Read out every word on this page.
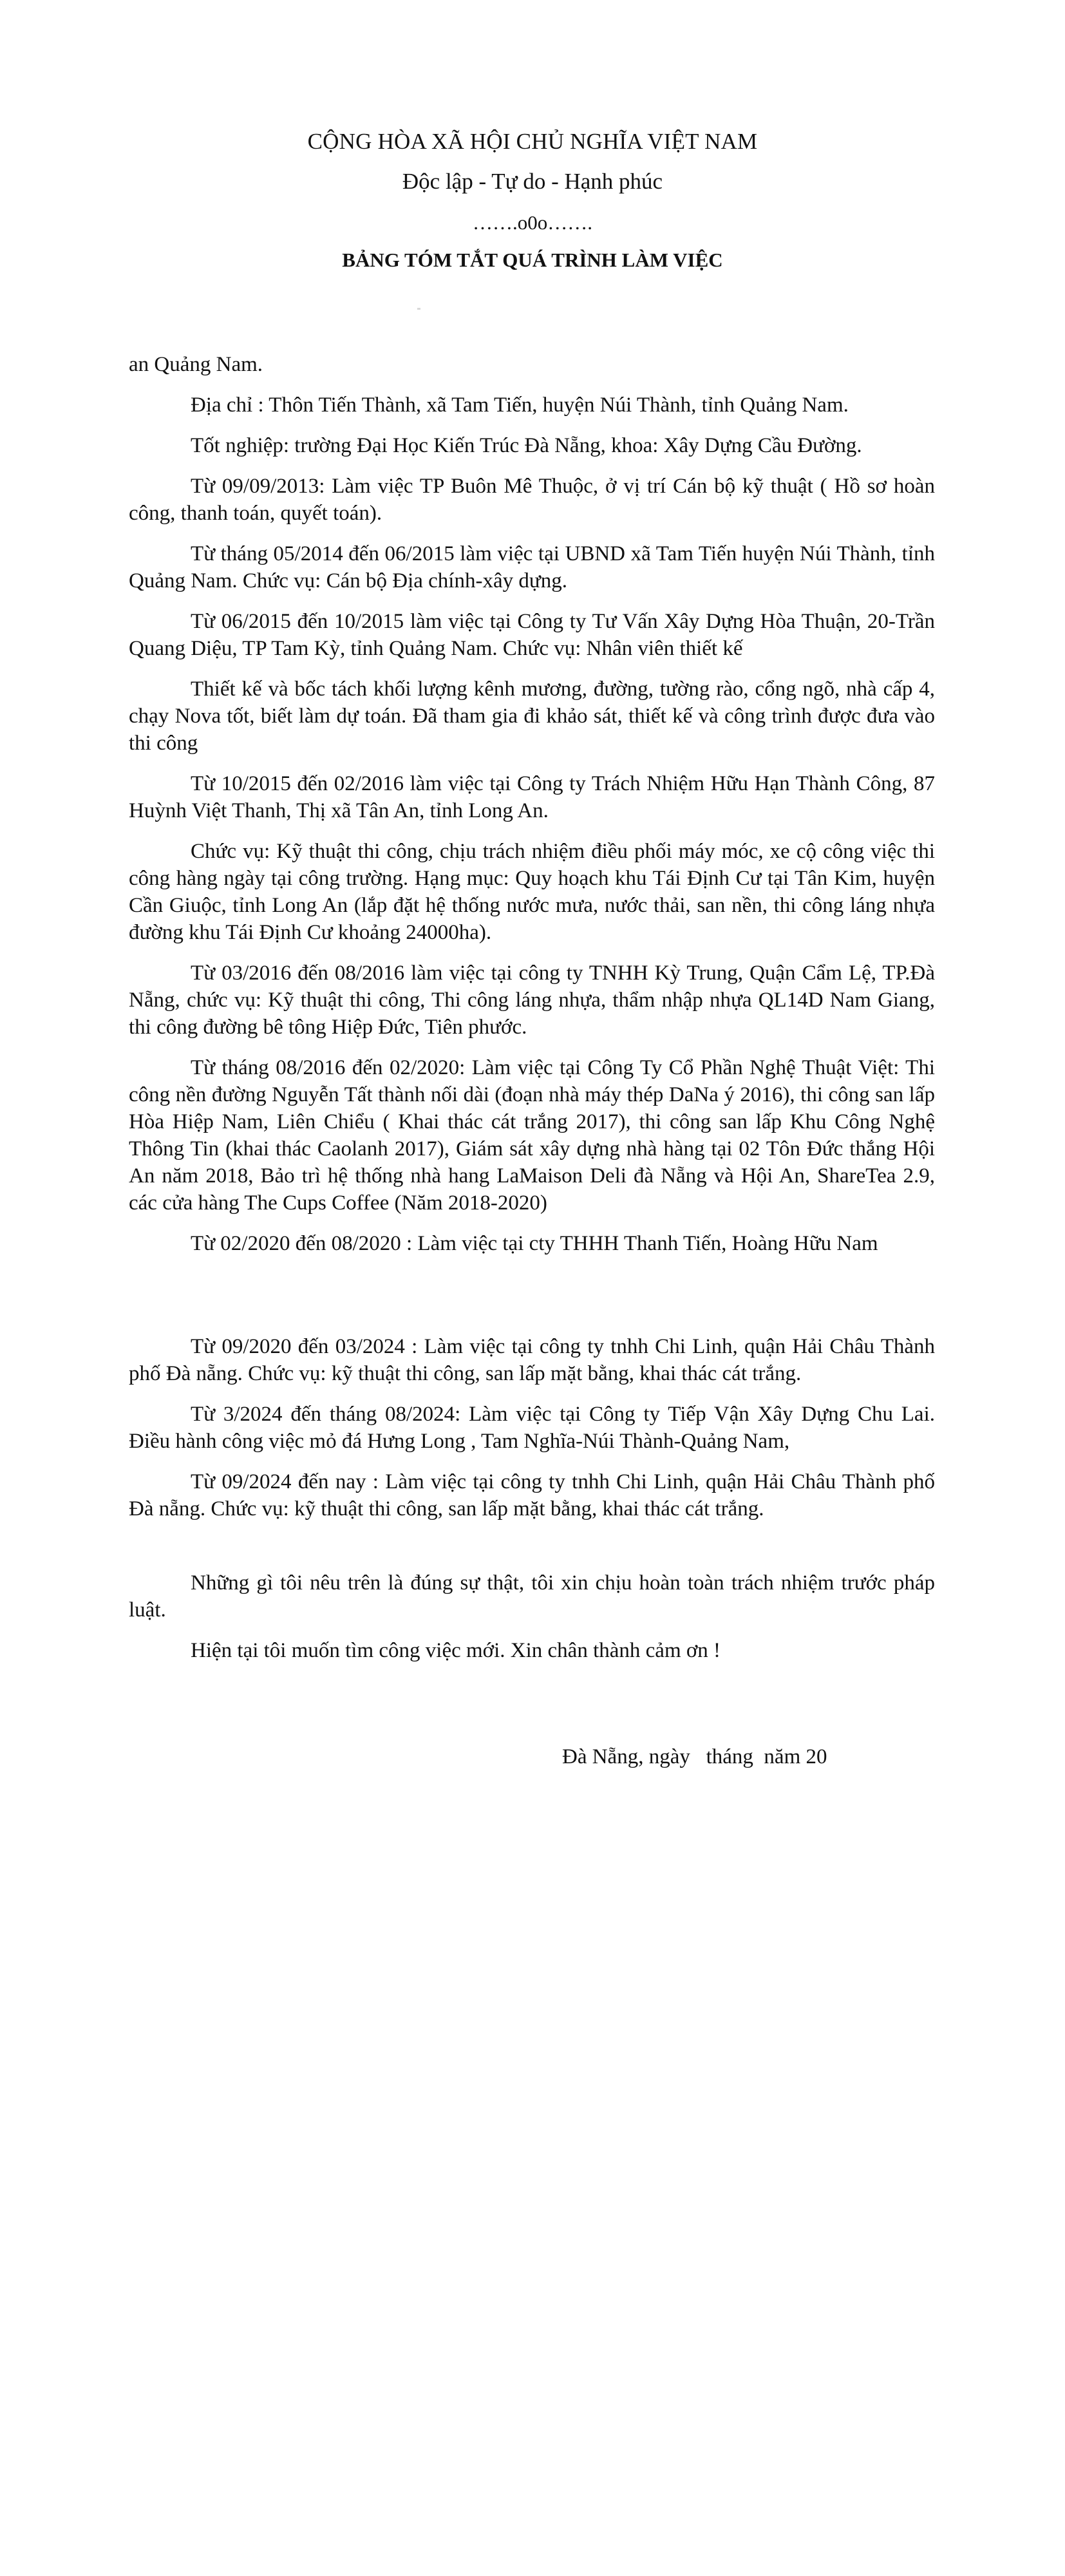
CỘNG HÒA XÃ HỘI CHỦ NGHĨA VIỆT NAM
Độc lập - Tự do - Hạnh phúc
…….o0o…….
BẢNG TÓM TẮT QUÁ TRÌNH LÀM VIỆC

an Quảng Nam.

Địa chỉ : Thôn Tiến Thành, xã Tam Tiến, huyện Núi Thành, tỉnh Quảng Nam.

Tốt nghiệp: trường Đại Học Kiến Trúc Đà Nẵng, khoa: Xây Dựng Cầu Đường.

Từ 09/09/2013: Làm việc TP Buôn Mê Thuộc, ở vị trí Cán bộ kỹ thuật ( Hồ sơ hoàn công, thanh toán, quyết toán).

Từ tháng 05/2014 đến 06/2015 làm việc tại UBND xã Tam Tiến huyện Núi Thành, tỉnh Quảng Nam. Chức vụ: Cán bộ Địa chính-xây dựng.

Từ 06/2015 đến 10/2015 làm việc tại Công ty Tư Vấn Xây Dựng Hòa Thuận, 20-Trần Quang Diệu, TP Tam Kỳ, tỉnh Quảng Nam. Chức vụ: Nhân viên thiết kế

Thiết kế và bốc tách khối lượng kênh mương, đường, tường rào, cổng ngõ, nhà cấp 4, chạy Nova tốt, biết làm dự toán. Đã tham gia đi khảo sát, thiết kế và công trình được đưa vào thi công

Từ 10/2015 đến 02/2016 làm việc tại Công ty Trách Nhiệm Hữu Hạn Thành Công, 87 Huỳnh Việt Thanh, Thị xã Tân An, tỉnh Long An.

Chức vụ: Kỹ thuật thi công, chịu trách nhiệm điều phối máy móc, xe cộ công việc thi công hàng ngày tại công trường. Hạng mục: Quy hoạch khu Tái Định Cư tại Tân Kim, huyện Cần Giuộc, tỉnh Long An (lắp đặt hệ thống nước mưa, nước thải, san nền, thi công láng nhựa đường khu Tái Định Cư khoảng 24000ha).

Từ 03/2016 đến 08/2016 làm việc tại công ty TNHH Kỳ Trung, Quận Cẩm Lệ, TP.Đà Nẵng, chức vụ: Kỹ thuật thi công, Thi công láng nhựa, thẩm nhập nhựa QL14D Nam Giang, thi công đường bê tông Hiệp Đức, Tiên phước.

Từ tháng 08/2016 đến 02/2020: Làm việc tại Công Ty Cổ Phần Nghệ Thuật Việt: Thi công nền đường Nguyễn Tất thành nối dài (đoạn nhà máy thép DaNa ý 2016), thi công san lấp Hòa Hiệp Nam, Liên Chiểu ( Khai thác cát trắng 2017), thi công san lấp Khu Công Nghệ Thông Tin (khai thác Caolanh 2017), Giám sát xây dựng nhà hàng tại 02 Tôn Đức thắng Hội An năm 2018, Bảo trì hệ thống nhà hang LaMaison Deli đà Nẵng và Hội An, ShareTea 2.9, các cửa hàng The Cups Coffee (Năm 2018-2020)

Từ 02/2020 đến 08/2020 : Làm việc tại cty THHH Thanh Tiến, Hoàng Hữu Nam

Từ 09/2020 đến 03/2024 : Làm việc tại công ty tnhh Chi Linh, quận Hải Châu Thành phố Đà nẵng. Chức vụ: kỹ thuật thi công, san lấp mặt bằng, khai thác cát trắng.

Từ 3/2024 đến tháng 08/2024: Làm việc tại Công ty Tiếp Vận Xây Dựng Chu Lai. Điều hành công việc mỏ đá Hưng Long , Tam Nghĩa-Núi Thành-Quảng Nam,

Từ 09/2024 đến nay : Làm việc tại công ty tnhh Chi Linh, quận Hải Châu Thành phố Đà nẵng. Chức vụ: kỹ thuật thi công, san lấp mặt bằng, khai thác cát trắng.

Những gì tôi nêu trên là đúng sự thật, tôi xin chịu hoàn toàn trách nhiệm trước pháp luật.

Hiện tại tôi muốn tìm công việc mới. Xin chân thành cảm ơn !

Đà Nẵng, ngày   tháng  năm 20
